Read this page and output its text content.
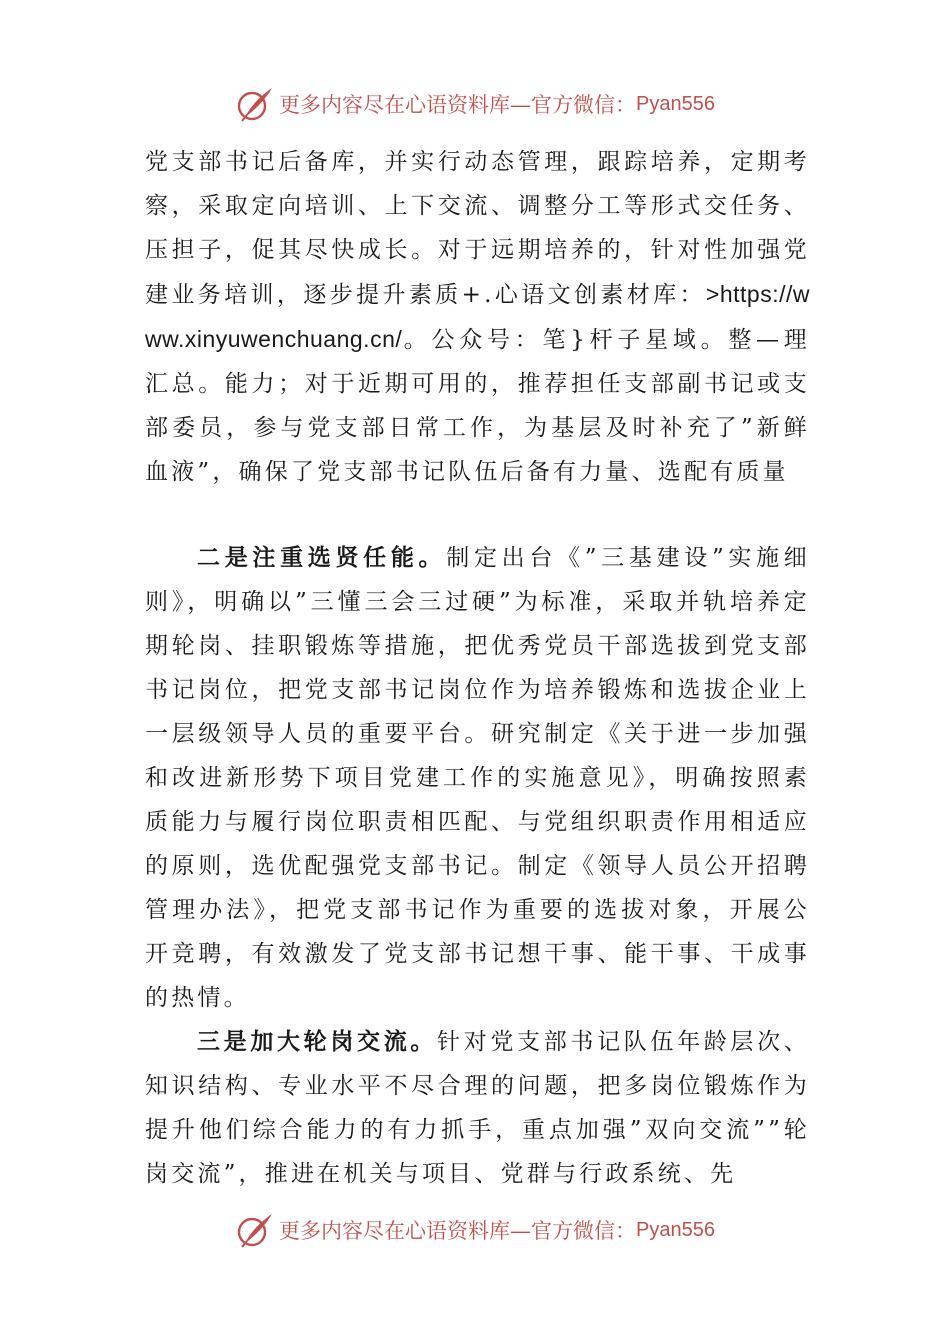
更多内容尽在心语资料库— 官方微信： Pyan556

党支部书记后备库，并实行动态管理，跟踪培养，定期考察，采取定向培训、上下交流、调整分工等形式交任务、压担子，促其尽快成长。对于远期培养的，针对性加强党建业务培训，逐步提升素质+.心语文创素材库：>https://www.xinyuwenchuang.cn/。公众号：笔}杆子星域。整—理汇总。能力；对于近期可用的，推荐担任支部副书记或支部委员，参与党支部日常工作，为基层及时补充了”新鲜血液”，确保了党支部书记队伍后备有力量、选配有质量

二是注重选贤任能。制定出台《”三基建设”实施细则》，明确以”三懂三会三过硬”为标准，采取并轨培养定期轮岗、挂职锻炼等措施，把优秀党员干部选拔到党支部书记岗位，把党支部书记岗位作为培养锻炼和选拔企业上一层级领导人员的重要平台。研究制定《关于进一步加强和改进新形势下项目党建工作的实施意见》，明确按照素质能力与履行岗位职责相匹配、与党组织职责作用相适应的原则，选优配强党支部书记。制定《领导人员公开招聘管理办法》，把党支部书记作为重要的选拔对象，开展公开竞聘，有效激发了党支部书记想干事、能干事、干成事的热情。

三是加大轮岗交流。针对党支部书记队伍年龄层次、知识结构、专业水平不尽合理的问题，把多岗位锻炼作为提升他们综合能力的有力抓手，重点加强”双向交流””轮岗交流”，推进在机关与项目、党群与行政系统、先

更多内容尽在心语资料库— 官方微信： Pyan556
